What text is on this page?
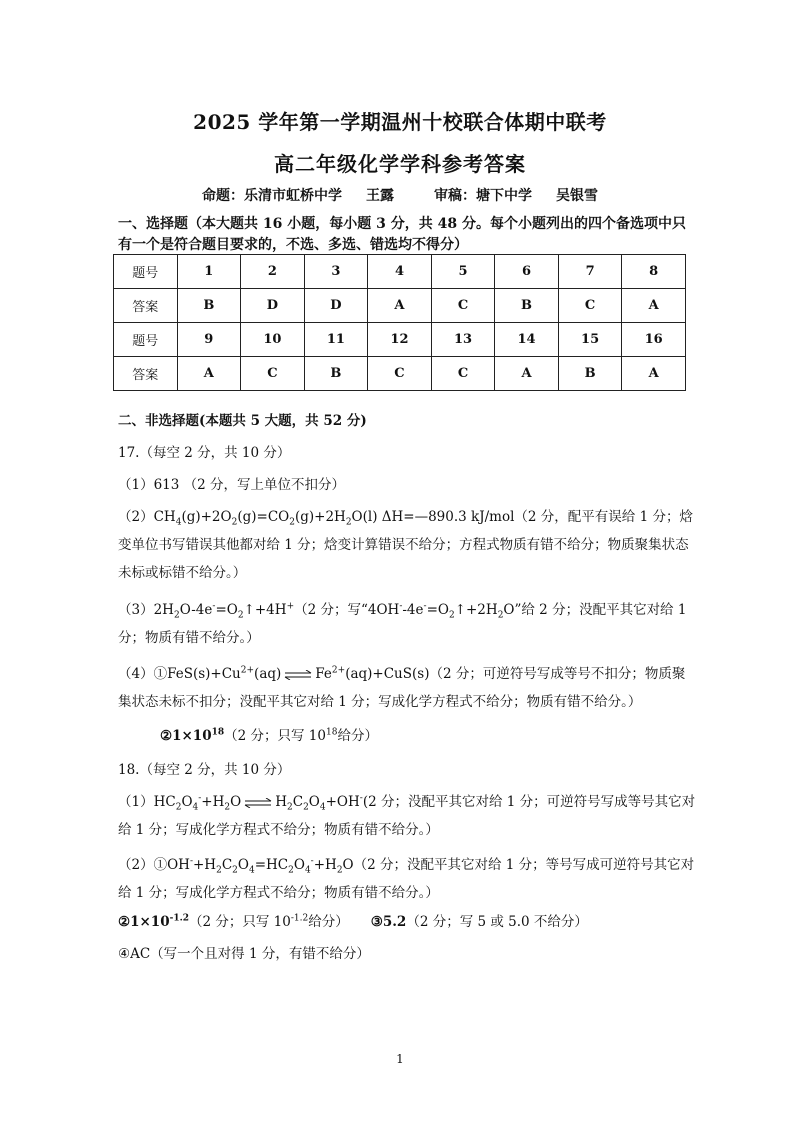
2025 学年第一学期温州十校联合体期中联考
高二年级化学学科参考答案
命题：乐清市虹桥中学 王露	审稿：塘下中学 吴银雪
一、选择题（本大题共 16 小题，每小题 3 分，共 48 分。每个小题列出的四个备选项中只有一个是符合题目要求的，不选、多选、错选均不得分）
题号	1	2	3	4	5	6	7	8
答案	B	D	D	A	C	B	C	A
题号	9	10	11	12	13	14	15	16
答案	A	C	B	C	C	A	B	A
二、非选择题(本题共 5 大题，共 52 分)
17.（每空 2 分，共 10 分）
（1）613 （2 分，写上单位不扣分）
$(2)CH_4(g)+2O_2(g)=CO_2(g)+2H_2O(l)$ ΔH=—890.3 kJ/mol（2 分，配平有误给 1 分；焓变单位书写错误其他都对给 1 分；焓变计算错误不给分；方程式物质有错不给分；物质聚集状态未标或标错不给分。）
$(3)2H_2O-4e^-=O_2↑+4H^+(2$ 分；写“$4OH^--4e^-=O_2↑+2H_2O$”给 2 分；没配平其它对给 1 分；物质有错不给分。）
$(4)①FeS(s)+Cu^{2+}(aq)$ ⇌ $Fe^{2+}(aq)+CuS(s)(2$ 分；可逆符号写成等号不扣分；物质聚集状态未标不扣分；没配平其它对给 1 分；写成化学方程式不给分；物质有错不给分。）
$②1\times 10^{18}(2$ 分；只写 $10^{18}$给分）
18.（每空 2 分，共 10 分）
$(1)HC_2O_4^-+H_2O$ ⇌ $H_2C_2O_4+OH^-(2$ 分；没配平其它对给 1 分；可逆符号写成等号其它对给 1 分；写成化学方程式不给分；物质有错不给分。）
$(2)①OH^-+H_2C_2O_4=HC_2O_4^-+H_2O(2$ 分；没配平其它对给 1 分；等号写成可逆符号其它对给 1 分；写成化学方程式不给分；物质有错不给分。）
$②1\times 10^{-1.2}(2$ 分；只写 $10^{-1.2}$给分） ③5.2（2 分；写 5 或 5.0 不给分）
④AC（写一个且对得 1 分，有错不给分）
1
